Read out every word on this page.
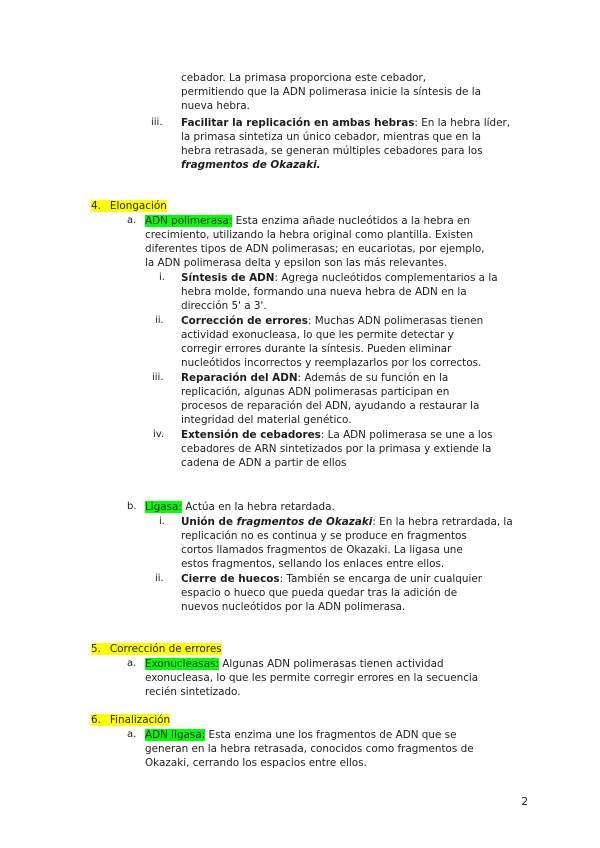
cebador. La primasa proporciona este cebador,
permitiendo que la ADN polimerasa inicie la síntesis de la
nueva hebra.
iii. Facilitar la replicación en ambas hebras: En la hebra líder,
la primasa sintetiza un único cebador, mientras que en la
hebra retrasada, se generan múltiples cebadores para los
fragmentos de Okazaki.
4. Elongación
a. ADN polimerasa: Esta enzima añade nucleótidos a la hebra en
crecimiento, utilizando la hebra original como plantilla. Existen
diferentes tipos de ADN polimerasas; en eucariotas, por ejemplo,
la ADN polimerasa delta y epsilon son las más relevantes.
i. Síntesis de ADN: Agrega nucleótidos complementarios a la
hebra molde, formando una nueva hebra de ADN en la
dirección 5' a 3'.
ii. Corrección de errores: Muchas ADN polimerasas tienen
actividad exonucleasa, lo que les permite detectar y
corregir errores durante la síntesis. Pueden eliminar
nucleótidos incorrectos y reemplazarlos por los correctos.
iii. Reparación del ADN: Además de su función en la
replicación, algunas ADN polimerasas participan en
procesos de reparación del ADN, ayudando a restaurar la
integridad del material genético.
iv. Extensión de cebadores: La ADN polimerasa se une a los
cebadores de ARN sintetizados por la primasa y extiende la
cadena de ADN a partir de ellos
b. Ligasa: Actúa en la hebra retardada.
i. Unión de fragmentos de Okazaki: En la hebra retrardada, la
replicación no es continua y se produce en fragmentos
cortos llamados fragmentos de Okazaki. La ligasa une
estos fragmentos, sellando los enlaces entre ellos.
ii. Cierre de huecos: También se encarga de unir cualquier
espacio o hueco que pueda quedar tras la adición de
nuevos nucleótidos por la ADN polimerasa.
5. Corrección de errores
a. Exonucleasas: Algunas ADN polimerasas tienen actividad
exonucleasa, lo que les permite corregir errores en la secuencia
recién sintetizado.
6. Finalización
a. ADN ligasa: Esta enzima une los fragmentos de ADN que se
generan en la hebra retrasada, conocidos como fragmentos de
Okazaki, cerrando los espacios entre ellos.
2
